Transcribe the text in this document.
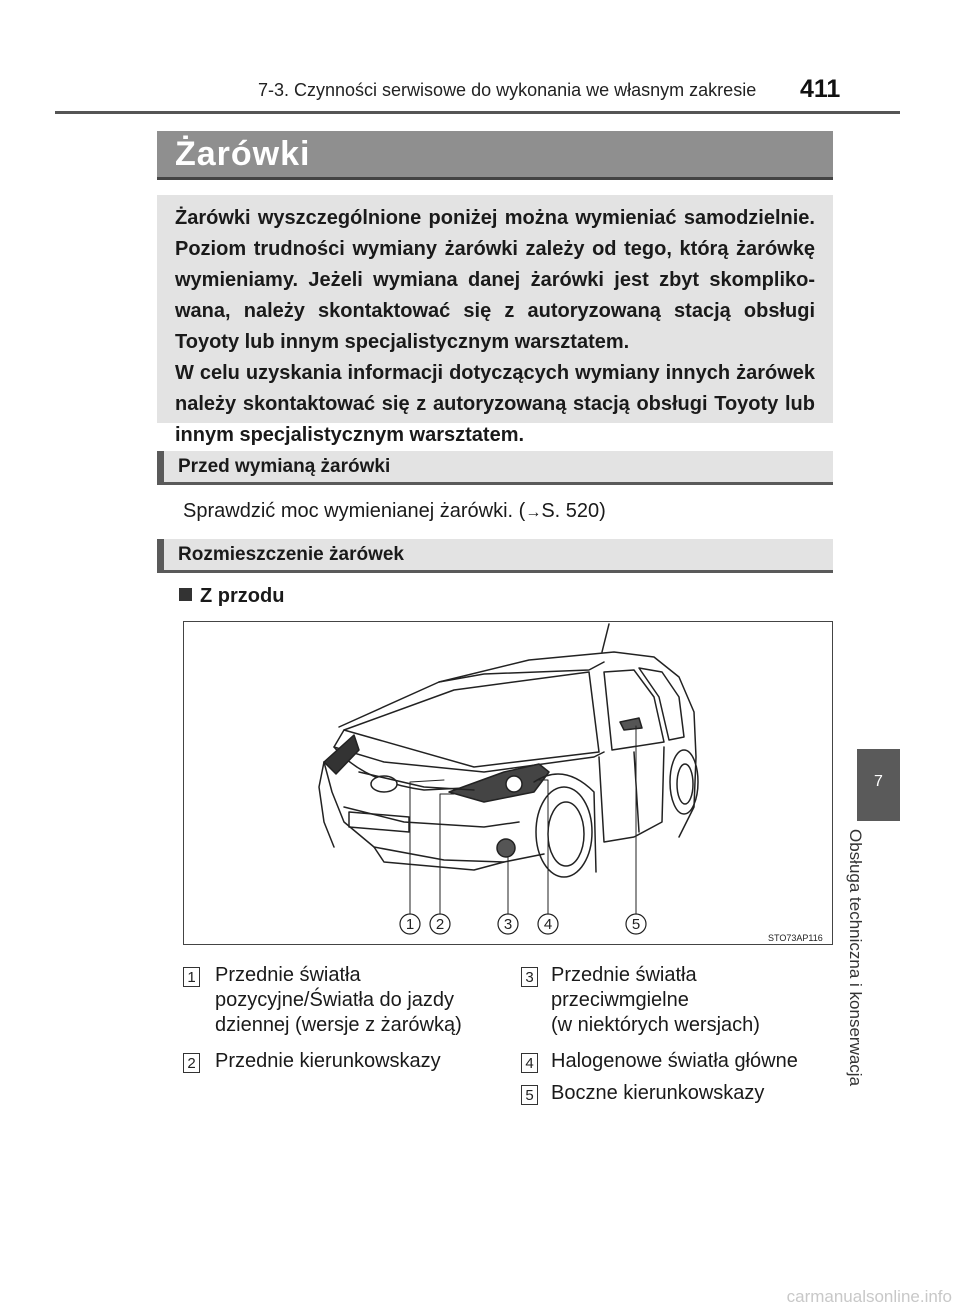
7-3. Czynności serwisowe do wykonania we własnym zakresie 411
Żarówki

Żarówki wyszczególnione poniżej można wymieniać samodzielnie. Poziom trudności wymiany żarówki zależy od tego, którą żarówkę wymieniamy. Jeżeli wymiana danej żarówki jest zbyt skompliko- wana, należy skontaktować się z autoryzowaną stacją obsługi Toyoty lub innym specjalistycznym warsztatem.

W celu uzyskania informacji dotyczących wymiany innych żarówek należy skontaktować się z autoryzowaną stacją obsługi Toyoty lub innym specjalistycznym warsztatem.

Przed wymianą żarówki
Sprawdzić moc wymienianej żarówki. (→S. 520)
Rozmieszczenie żarówek
Z przodu
1 2	3 4	5
STO73AP116
1 Przednie światła
pozycyjne/Światła do jazdy
dziennej (wersje z żarówką)
2 Przednie kierunkowskazy
3 Przednie światła
przeciwmgielne
(w niektórych wersjach)
4 Halogenowe światła główne
5 Boczne kierunkowskazy
7
Obsługa techniczna i konserwacja
carmanualsonline.info
